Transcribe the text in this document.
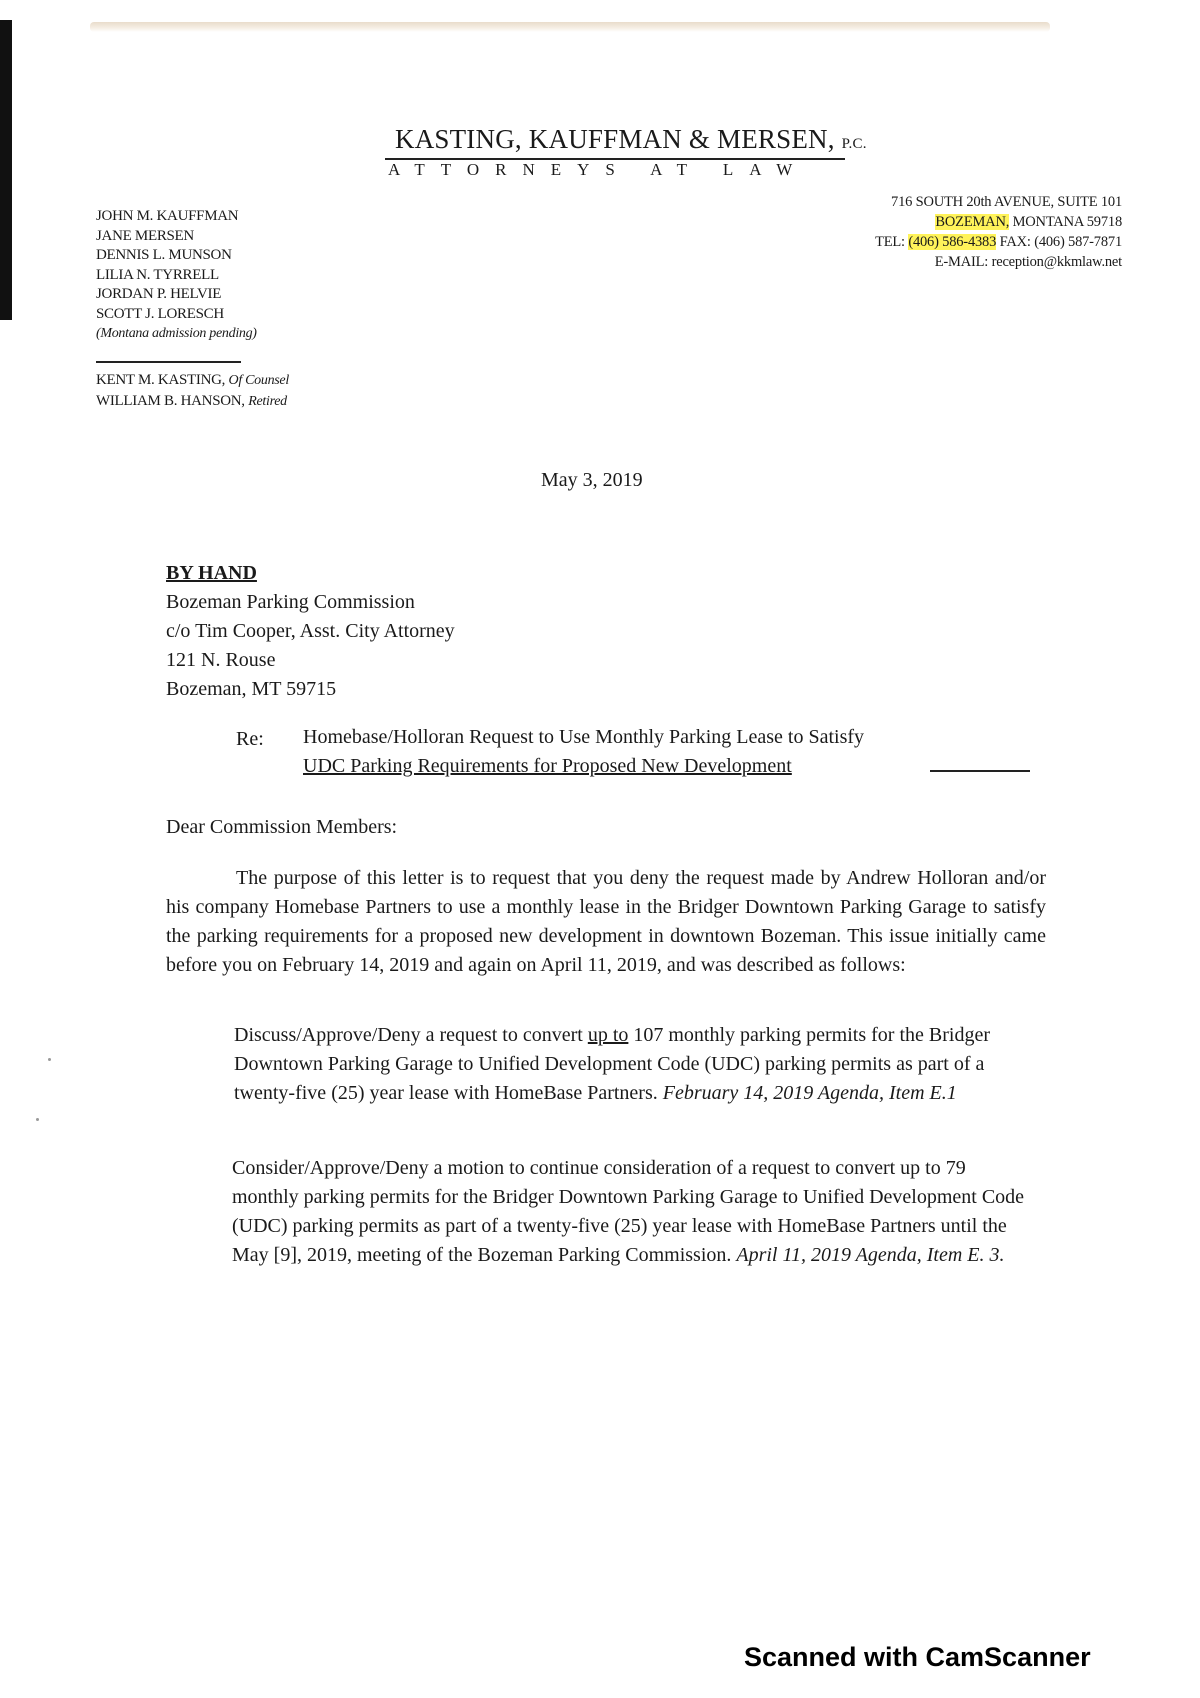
KASTING, KAUFFMAN & MERSEN, P.C.
ATTORNEYS AT LAW
JOHN M. KAUFFMAN
JANE MERSEN
DENNIS L. MUNSON
LILIA N. TYRRELL
JORDAN P. HELVIE
SCOTT J. LORESCH
(Montana admission pending)
KENT M. KASTING, Of Counsel
WILLIAM B. HANSON, Retired
716 SOUTH 20th AVENUE, SUITE 101
BOZEMAN, MONTANA 59718
TEL: (406) 586-4383 FAX: (406) 587-7871
E-MAIL: reception@kkmlaw.net
May 3, 2019
BY HAND
Bozeman Parking Commission
c/o Tim Cooper, Asst. City Attorney
121 N. Rouse
Bozeman, MT 59715
Re: Homebase/Holloran Request to Use Monthly Parking Lease to Satisfy
UDC Parking Requirements for Proposed New Development
Dear Commission Members:
The purpose of this letter is to request that you deny the request made by Andrew Holloran and/or his company Homebase Partners to use a monthly lease in the Bridger Downtown Parking Garage to satisfy the parking requirements for a proposed new development in downtown Bozeman. This issue initially came before you on February 14, 2019 and again on April 11, 2019, and was described as follows:
Discuss/Approve/Deny a request to convert up to 107 monthly parking permits for the Bridger Downtown Parking Garage to Unified Development Code (UDC) parking permits as part of a twenty-five (25) year lease with HomeBase Partners. February 14, 2019 Agenda, Item E.1
Consider/Approve/Deny a motion to continue consideration of a request to convert up to 79 monthly parking permits for the Bridger Downtown Parking Garage to Unified Development Code (UDC) parking permits as part of a twenty-five (25) year lease with HomeBase Partners until the May [9], 2019, meeting of the Bozeman Parking Commission. April 11, 2019 Agenda, Item E. 3.
Scanned with CamScanner
